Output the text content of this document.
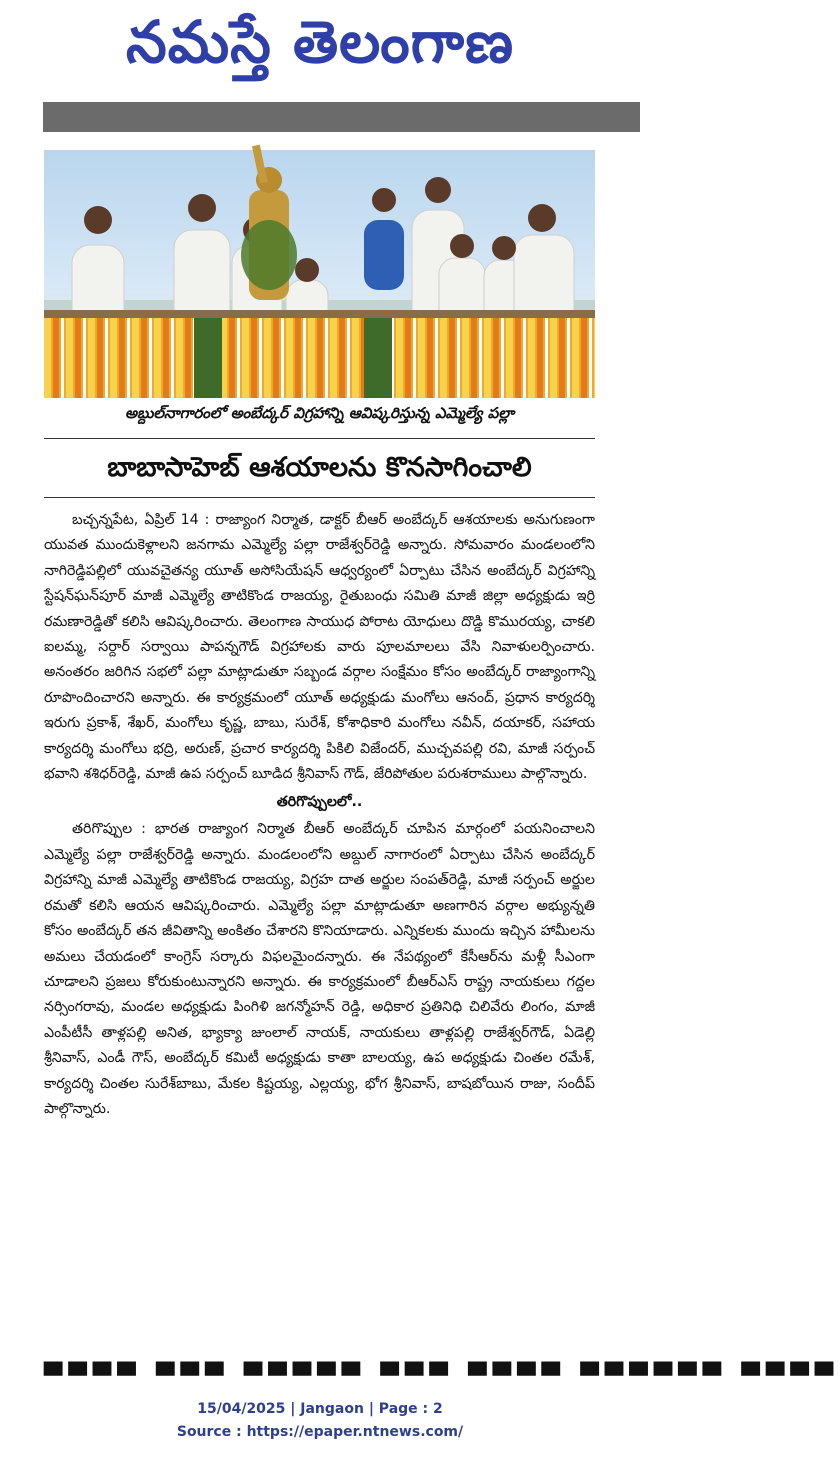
నమస్తే తెలంగాణ
అబ్దుల్‌నాగారంలో అంబేద్కర్ విగ్రహాన్ని ఆవిష్కరిస్తున్న ఎమ్మెల్యే పల్లా
బాబాసాహెబ్ ఆశయాలను కొనసాగించాలి

బచ్చన్నపేట, ఏప్రిల్ 14 : రాజ్యాంగ నిర్మాత, డాక్టర్ బీఆర్ అంబేద్కర్ ఆశయాలకు అనుగుణంగా యువత ముందుకెళ్లాలని జనగామ ఎమ్మెల్యే పల్లా రాజేశ్వర్‌రెడ్డి అన్నారు. సోమవారం మండలంలోని నాగిరెడ్డిపల్లిలో యువచైతన్య యూత్ అసోసియేషన్ ఆధ్వర్యంలో ఏర్పాటు చేసిన అంబేద్కర్ విగ్రహాన్ని స్టేషన్‌ఘన్‌పూర్ మాజీ ఎమ్మెల్యే తాటికొండ రాజయ్య, రైతుబంధు సమితి మాజీ జిల్లా అధ్యక్షుడు ఇర్రి రమణారెడ్డితో కలిసి ఆవిష్కరించారు. తెలంగాణ సాయుధ పోరాట యోధులు దొడ్డి కొమురయ్య, చాకలి ఐలమ్మ, సర్దార్ సర్వాయి పాపన్నగౌడ్ విగ్రహాలకు వారు పూలమాలలు వేసి నివాళులర్పించారు. అనంతరం జరిగిన సభలో పల్లా మాట్లాడుతూ సబ్బండ వర్గాల సంక్షేమం కోసం అంబేద్కర్ రాజ్యాంగాన్ని రూపొందించారని అన్నారు. ఈ కార్యక్రమంలో యూత్ అధ్యక్షుడు మంగోలు ఆనంద్, ప్రధాన కార్యదర్శి ఇరుగు ప్రకాశ్, శేఖర్, మంగోలు కృష్ణ, బాబు, సురేశ్, కోశాధికారి మంగోలు నవీన్, దయాకర్, సహాయ కార్యదర్శి మంగోలు భద్రి, అరుణ్, ప్రచార కార్యదర్శి పికిలి విజేందర్, ముచ్చవపల్లి రవి, మాజీ సర్పంచ్ భవాని శశిధర్‌రెడ్డి, మాజీ ఉప సర్పంచ్ బూడిద శ్రీనివాస్ గౌడ్, జేరిపోతుల పరుశరాములు పాల్గొన్నారు.

తరిగొప్పులలో..

తరిగొప్పుల : భారత రాజ్యాంగ నిర్మాత బీఆర్ అంబేద్కర్ చూపిన మార్గంలో పయనించాలని ఎమ్మెల్యే పల్లా రాజేశ్వర్‌రెడ్డి అన్నారు. మండలంలోని అబ్దుల్ నాగారంలో ఏర్పాటు చేసిన అంబేద్కర్ విగ్రహాన్ని మాజీ ఎమ్మెల్యే తాటికొండ రాజయ్య, విగ్రహ దాత అర్జుల సంపత్‌రెడ్డి, మాజీ సర్పంచ్ అర్జుల రమతో కలిసి ఆయన ఆవిష్కరించారు. ఎమ్మెల్యే పల్లా మాట్లాడుతూ అణగారిన వర్గాల అభ్యున్నతి కోసం అంబేద్కర్ తన జీవితాన్ని అంకితం చేశారని కొనియాడారు. ఎన్నికలకు ముందు ఇచ్చిన హామీలను అమలు చేయడంలో కాంగ్రెస్ సర్కారు విఫలమైందన్నారు. ఈ నేపథ్యంలో కేసీఆర్‌ను మళ్లీ సీఎంగా చూడాలని ప్రజలు కోరుకుంటున్నారని అన్నారు. ఈ కార్యక్రమంలో బీఆర్‌ఎస్ రాష్ట్ర నాయకులు గద్దల నర్సింగరావు, మండల అధ్యక్షుడు పింగిళి జగన్మోహన్ రెడ్డి, అధికార ప్రతినిధి చిలివేరు లింగం, మాజీ ఎంపీటీసీ తాళ్లపల్లి అనిత, భ్యాక్యా జుంలాల్ నాయక్, నాయకులు తాళ్లపల్లి రాజేశ్వర్‌గౌడ్, ఏడెల్లి శ్రీనివాస్, ఎండీ గౌస్, అంబేద్కర్ కమిటీ అధ్యక్షుడు కాతా బాలయ్య, ఉప అధ్యక్షుడు చింతల రమేశ్, కార్యదర్శి చింతల సురేశ్‌బాబు, మేకల కిష్టయ్య, ఎల్లయ్య, భోగ శ్రీనివాస్, బాషబోయిన రాజు, సందీప్ పాల్గొన్నారు.

▀▀▀▀ ▀▀▀ ▀▀▀▀▀ ▀▀▀ ▀▀▀▀ ▀▀▀▀▀▀ ▀▀▀▀
15/04/2025 | Jangaon | Page : 2
Source : https://epaper.ntnews.com/
